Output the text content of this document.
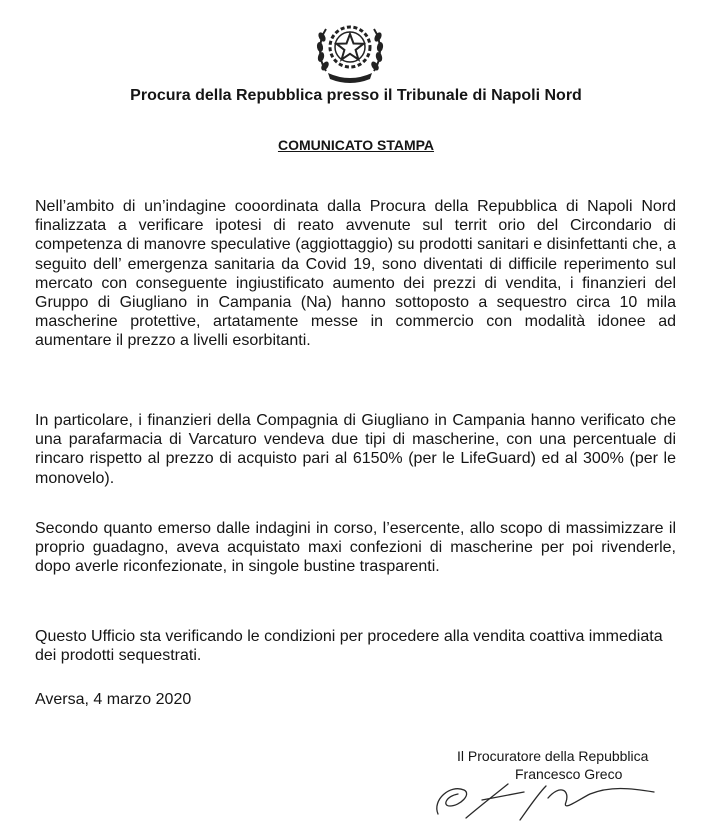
Procura della Repubblica presso il Tribunale di Napoli Nord
COMUNICATO STAMPA

Nell’ambito di un’indagine cooordinata dalla Procura della Repubblica di Napoli Nord finalizzata a verificare ipotesi di reato avvenute sul territ orio del Circondario di competenza di manovre speculative (aggiottaggio) su prodotti sanitari e disinfettanti che, a seguito dell’ emergenza sanitaria da Covid 19, sono diventati di difficile reperimento sul mercato con conseguente ingiustificato aumento dei prezzi di vendita, i finanzieri del Gruppo di Giugliano in Campania (Na) hanno sottoposto a sequestro circa 10 mila mascherine protettive, artatamente messe in commercio con modalità idonee ad aumentare il prezzo a livelli esorbitanti.

In particolare, i finanzieri della Compagnia di Giugliano in Campania hanno verificato che una parafarmacia di Varcaturo vendeva due tipi di mascherine, con una percentuale di rincaro rispetto al prezzo di acquisto pari al 6150% (per le LifeGuard) ed al 300% (per le monovelo).

Secondo quanto emerso dalle indagini in corso, l’esercente, allo scopo di massimizzare il proprio guadagno, aveva acquistato maxi confezioni di mascherine per poi rivenderle, dopo averle riconfezionate, in singole bustine trasparenti.

Questo Ufficio sta verificando le condizioni per procedere alla vendita coattiva immediata dei prodotti sequestrati.

Aversa, 4 marzo 2020
Il Procuratore della Repubblica
Francesco Greco
